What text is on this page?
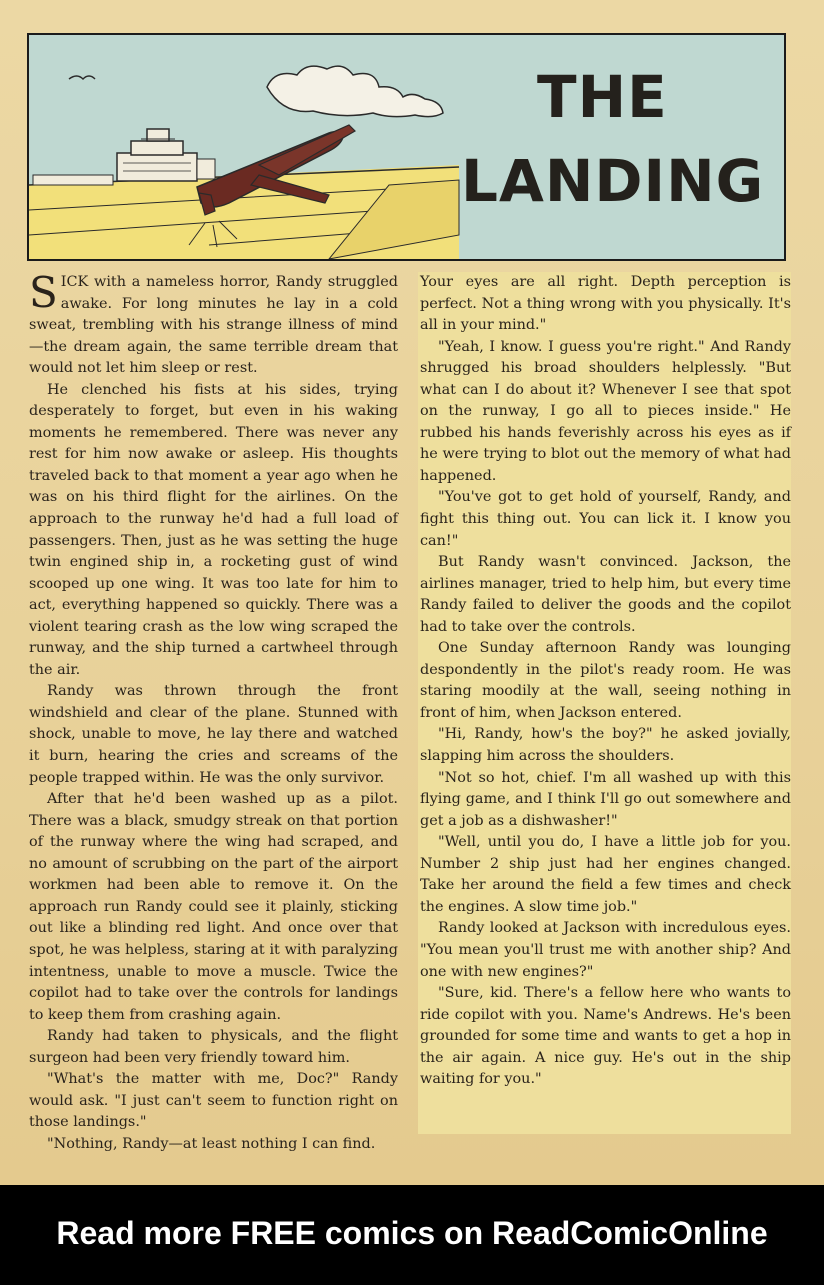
THE
LANDING

SICK with a nameless horror, Randy struggled awake. For long minutes he lay in a cold sweat, trembling with his strange illness of mind —the dream again, the same terrible dream that would not let him sleep or rest.

He clenched his fists at his sides, trying desperately to forget, but even in his waking moments he remembered. There was never any rest for him now awake or asleep. His thoughts traveled back to that moment a year ago when he was on his third flight for the airlines. On the approach to the runway he'd had a full load of passengers. Then, just as he was setting the huge twin engined ship in, a rocketing gust of wind scooped up one wing. It was too late for him to act, everything happened so quickly. There was a violent tearing crash as the low wing scraped the runway, and the ship turned a cartwheel through the air.

Randy was thrown through the front windshield and clear of the plane. Stunned with shock, unable to move, he lay there and watched it burn, hearing the cries and screams of the people trapped within. He was the only survivor.

After that he'd been washed up as a pilot. There was a black, smudgy streak on that portion of the runway where the wing had scraped, and no amount of scrubbing on the part of the airport workmen had been able to remove it. On the approach run Randy could see it plainly, sticking out like a blinding red light. And once over that spot, he was helpless, staring at it with paralyzing intentness, unable to move a muscle. Twice the copilot had to take over the controls for landings to keep them from crashing again.

Randy had taken to physicals, and the flight surgeon had been very friendly toward him.

"What's the matter with me, Doc?" Randy would ask. "I just can't seem to function right on those landings."

"Nothing, Randy—at least nothing I can find.

Your eyes are all right. Depth perception is perfect. Not a thing wrong with you physically. It's all in your mind."

"Yeah, I know. I guess you're right." And Randy shrugged his broad shoulders helplessly. "But what can I do about it? Whenever I see that spot on the runway, I go all to pieces inside." He rubbed his hands feverishly across his eyes as if he were trying to blot out the memory of what had happened.

"You've got to get hold of yourself, Randy, and fight this thing out. You can lick it. I know you can!"

But Randy wasn't convinced. Jackson, the airlines manager, tried to help him, but every time Randy failed to deliver the goods and the copilot had to take over the controls.

One Sunday afternoon Randy was lounging despondently in the pilot's ready room. He was staring moodily at the wall, seeing nothing in front of him, when Jackson entered.

"Hi, Randy, how's the boy?" he asked jovially, slapping him across the shoulders.

"Not so hot, chief. I'm all washed up with this flying game, and I think I'll go out somewhere and get a job as a dishwasher!"

"Well, until you do, I have a little job for you. Number 2 ship just had her engines changed. Take her around the field a few times and check the engines. A slow time job."

Randy looked at Jackson with incredulous eyes. "You mean you'll trust me with another ship? And one with new engines?"

"Sure, kid. There's a fellow here who wants to ride copilot with you. Name's Andrews. He's been grounded for some time and wants to get a hop in the air again. A nice guy. He's out in the ship waiting for you."

Read more FREE comics on ReadComicOnline
